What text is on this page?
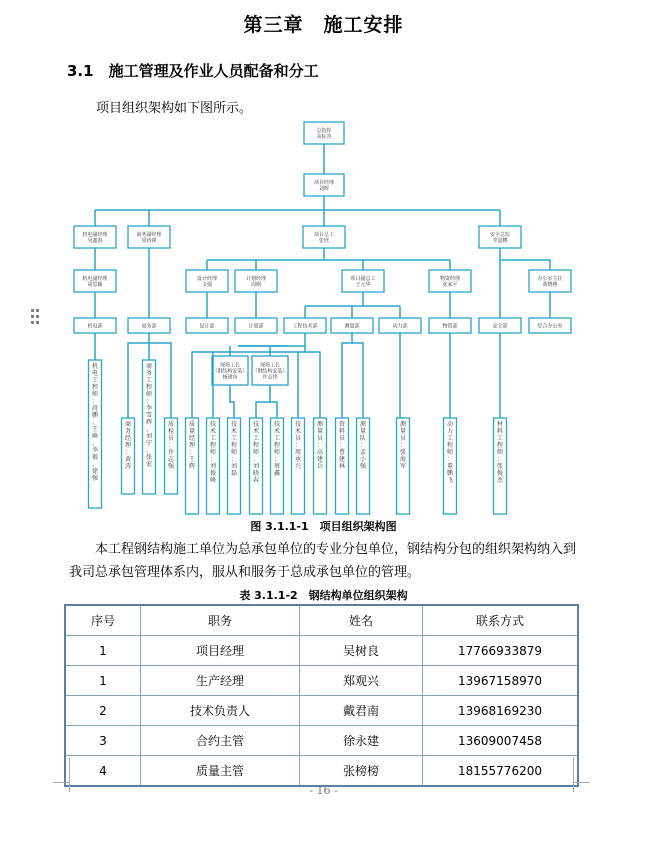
第三章　施工安排
3.1　施工管理及作业人员配备和分工
项目组织架构如下图所示。
总指挥
高标容
项目经理
刘晖
机电副经理
吴鑫海
商务副经理
周涛锋
项目总工
张欣
安全总监
李嘉鹏
机电副经理
胡思颖
设计经理
文强
计划经理
周刚
项目副总工
王元华
物资经理
张家平
办公室主任
黄晓燕
机电部	商务部	设计部	计划部	工程技术部	测量部	动力部	物资部	安全部	综合办公室
现场工长
（钢结构安装）
杨建东
现场工长
（钢结构安装）
许志伟
机
电
工
程
师
：
段
鹏
、
王
峰
、
李
毅
、
徐
强
商
务
经
理
：
黄
涛
商
务
工
程
师
：
李
雪
辉
、
刘
宁
、
张
宏
质
检
员
：
许
志
强
质
量
经
理
：
王
辉
技
术
工
程
师
：
刘
俊
峰
技
术
工
程
师
：
刘
磊
技
术
工
程
师
：
刘
晓
春
技
术
工
程
师
：
周
鑫
技
术
员
：
周
承
兴
测
量
员
：
高
建
兵
资
料
员
：
曹
建
林
测
量
队
：
孟
小
强
测
量
员
：
张
海
军
动
力
工
程
师
：
董
鹏
飞
材
料
工
程
师
：
张
俊
杰
图 3.1.1-1　项目组织架构图
本工程钢结构施工单位为总承包单位的专业分包单位，钢结构分包的组织架构纳入到我司总承包管理体系内，服从和服务于总成承包单位的管理。
表 3.1.1-2　钢结构单位组织架构
序号	职务	姓名	联系方式
1	项目经理	吴树良	17766933879
1	生产经理	郑观兴	13967158970
2	技术负责人	戴君南	13968169230
3	合约主管	徐永建	13609007458
4	质量主管	张榜榜	18155776200
- 16 -
